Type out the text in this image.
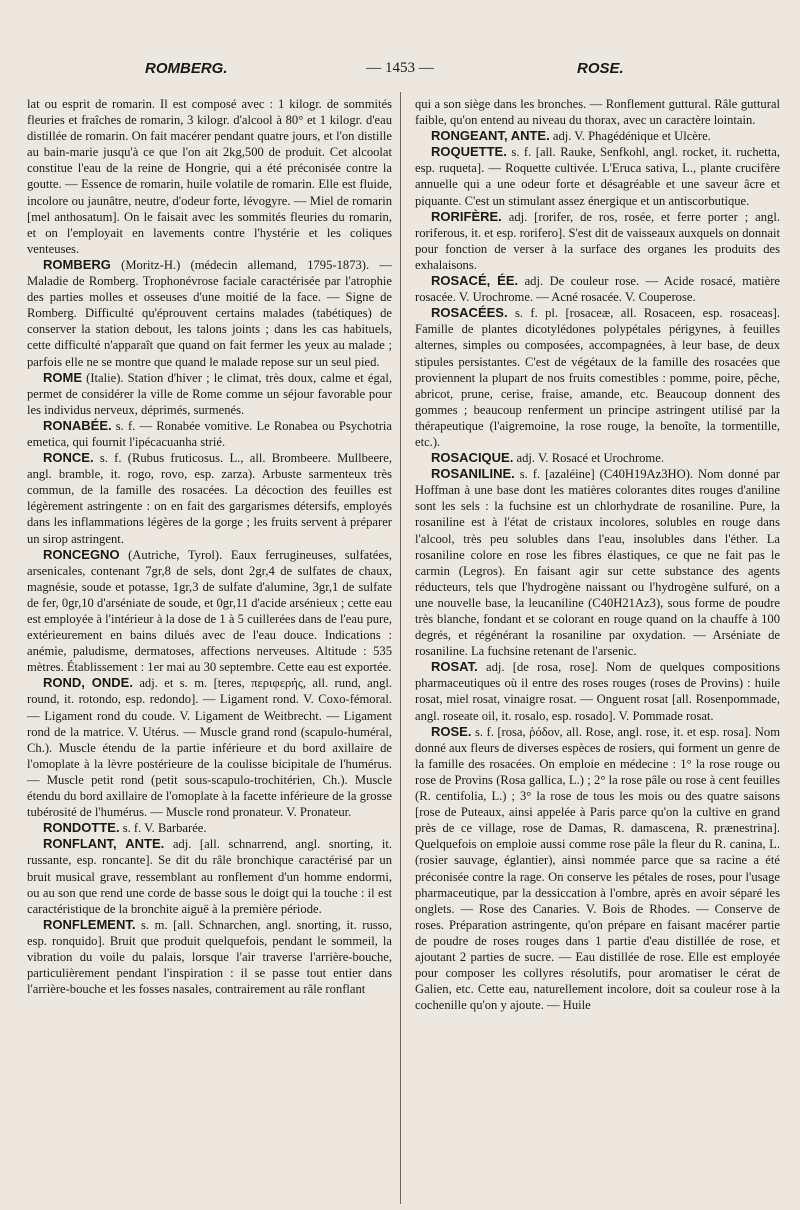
ROMBERG.	— 1453 —	ROSE.

lat ou esprit de romarin. Il est composé avec : 1 kilogr. de sommités fleuries et fraîches de romarin, 3 kilogr. d'alcool à 80° et 1 kilogr. d'eau distillée de romarin. On fait macérer pendant quatre jours, et l'on distille au bain-marie jusqu'à ce que l'on ait 2kg,500 de produit. Cet alcoolat constitue l'eau de la reine de Hongrie, qui a été préconisée contre la goutte. — Essence de romarin, huile volatile de romarin. Elle est fluide, incolore ou jaunâtre, neutre, d'odeur forte, lévogyre. — Miel de romarin [mel anthosatum]. On le faisait avec les sommités fleuries du romarin, et on l'employait en lavements contre l'hystérie et les coliques venteuses.

ROMBERG (Moritz-H.) (médecin allemand, 1795-1873). — Maladie de Romberg. Trophonévrose faciale caractérisée par l'atrophie des parties molles et osseuses d'une moitié de la face. — Signe de Romberg. Difficulté qu'éprouvent certains malades (tabétiques) de conserver la station debout, les talons joints ; dans les cas habituels, cette difficulté n'apparaît que quand on fait fermer les yeux au malade ; parfois elle ne se montre que quand le malade repose sur un seul pied.

ROME (Italie). Station d'hiver ; le climat, très doux, calme et égal, permet de considérer la ville de Rome comme un séjour favorable pour les individus nerveux, déprimés, surmenés.

RONABÉE. s. f. — Ronabée vomitive. Le Ronabea ou Psychotria emetica, qui fournit l'ipécacuanha strié.

RONCE. s. f. (Rubus fruticosus. L., all. Brombeere. Mullbeere, angl. bramble, it. rogo, rovo, esp. zarza). Arbuste sarmenteux très commun, de la famille des rosacées. La décoction des feuilles est légèrement astringente : on en fait des gargarismes détersifs, employés dans les inflammations légères de la gorge ; les fruits servent à préparer un sirop astringent.

RONCEGNO (Autriche, Tyrol). Eaux ferrugineuses, sulfatées, arsenicales, contenant 7gr,8 de sels, dont 2gr,4 de sulfates de chaux, magnésie, soude et potasse, 1gr,3 de sulfate d'alumine, 3gr,1 de sulfate de fer, 0gr,10 d'arséniate de soude, et 0gr,11 d'acide arsénieux ; cette eau est employée à l'intérieur à la dose de 1 à 5 cuillerées dans de l'eau pure, extérieurement en bains dilués avec de l'eau douce. Indications : anémie, paludisme, dermatoses, affections nerveuses. Altitude : 535 mètres. Établissement : 1er mai au 30 septembre. Cette eau est exportée.

ROND, ONDE. adj. et s. m. [teres, περιφερής, all. rund, angl. round, it. rotondo, esp. redondo]. — Ligament rond. V. Coxo-fémoral. — Ligament rond du coude. V. Ligament de Weitbrecht. — Ligament rond de la matrice. V. Utérus. — Muscle grand rond (scapulo-huméral, Ch.). Muscle étendu de la partie inférieure et du bord axillaire de l'omoplate à la lèvre postérieure de la coulisse bicipitale de l'humérus. — Muscle petit rond (petit sous-scapulo-trochitérien, Ch.). Muscle étendu du bord axillaire de l'omoplate à la facette inférieure de la grosse tubérosité de l'humérus. — Muscle rond pronateur. V. Pronateur.

RONDOTTE. s. f. V. Barbarée.

RONFLANT, ANTE. adj. [all. schnarrend, angl. snorting, it. russante, esp. roncante]. Se dit du râle bronchique caractérisé par un bruit musical grave, ressemblant au ronflement d'un homme endormi, ou au son que rend une corde de basse sous le doigt qui la touche : il est caractéristique de la bronchite aiguë à la première période.

RONFLEMENT. s. m. [all. Schnarchen, angl. snorting, it. russo, esp. ronquido]. Bruit que produit quelquefois, pendant le sommeil, la vibration du voile du palais, lorsque l'air traverse l'arrière-bouche, particulièrement pendant l'inspiration : il se passe tout entier dans l'arrière-bouche et les fosses nasales, contrairement au râle ronflant

qui a son siège dans les bronches. — Ronflement guttural. Râle guttural faible, qu'on entend au niveau du thorax, avec un caractère lointain.

RONGEANT, ANTE. adj. V. Phagédénique et Ulcère.

ROQUETTE. s. f. [all. Rauke, Senfkohl, angl. rocket, it. ruchetta, esp. ruqueta]. — Roquette cultivée. L'Eruca sativa, L., plante crucifère annuelle qui a une odeur forte et désagréable et une saveur âcre et piquante. C'est un stimulant assez énergique et un antiscorbutique.

RORIFÈRE. adj. [rorifer, de ros, rosée, et ferre porter ; angl. roriferous, it. et esp. rorifero]. S'est dit de vaisseaux auxquels on donnait pour fonction de verser à la surface des organes les produits des exhalaisons.

ROSACÉ, ÉE. adj. De couleur rose. — Acide rosacé, matière rosacée. V. Urochrome. — Acné rosacée. V. Couperose.

ROSACÉES. s. f. pl. [rosaceæ, all. Rosaceen, esp. rosaceas]. Famille de plantes dicotylédones polypétales périgynes, à feuilles alternes, simples ou composées, accompagnées, à leur base, de deux stipules persistantes. C'est de végétaux de la famille des rosacées que proviennent la plupart de nos fruits comestibles : pomme, poire, pêche, abricot, prune, cerise, fraise, amande, etc. Beaucoup donnent des gommes ; beaucoup renferment un principe astringent utilisé par la thérapeutique (l'aigremoine, la rose rouge, la benoîte, la tormentille, etc.).

ROSACIQUE. adj. V. Rosacé et Urochrome.

ROSANILINE. s. f. [azaléine] (C40H19Az3HO). Nom donné par Hoffman à une base dont les matières colorantes dites rouges d'aniline sont les sels : la fuchsine est un chlorhydrate de rosaniline. Pure, la rosaniline est à l'état de cristaux incolores, solubles en rouge dans l'alcool, très peu solubles dans l'eau, insolubles dans l'éther. La rosaniline colore en rose les fibres élastiques, ce que ne fait pas le carmin (Legros). En faisant agir sur cette substance des agents réducteurs, tels que l'hydrogène naissant ou l'hydrogène sulfuré, on a une nouvelle base, la leucaniline (C40H21Az3), sous forme de poudre très blanche, fondant et se colorant en rouge quand on la chauffe à 100 degrés, et régénérant la rosaniline par oxydation. — Arséniate de rosaniline. La fuchsine retenant de l'arsenic.

ROSAT. adj. [de rosa, rose]. Nom de quelques compositions pharmaceutiques où il entre des roses rouges (roses de Provins) : huile rosat, miel rosat, vinaigre rosat. — Onguent rosat [all. Rosenpommade, angl. roseate oil, it. rosalo, esp. rosado]. V. Pommade rosat.

ROSE. s. f. [rosa, ῥόδον, all. Rose, angl. rose, it. et esp. rosa]. Nom donné aux fleurs de diverses espèces de rosiers, qui forment un genre de la famille des rosacées. On emploie en médecine : 1° la rose rouge ou rose de Provins (Rosa gallica, L.) ; 2° la rose pâle ou rose à cent feuilles (R. centifolia, L.) ; 3° la rose de tous les mois ou des quatre saisons [rose de Puteaux, ainsi appelée à Paris parce qu'on la cultive en grand près de ce village, rose de Damas, R. damascena, R. prænestrina]. Quelquefois on emploie aussi comme rose pâle la fleur du R. canina, L. (rosier sauvage, églantier), ainsi nommée parce que sa racine a été préconisée contre la rage. On conserve les pétales de roses, pour l'usage pharmaceutique, par la dessiccation à l'ombre, après en avoir séparé les onglets. — Rose des Canaries. V. Bois de Rhodes. — Conserve de roses. Préparation astringente, qu'on prépare en faisant macérer partie de poudre de roses rouges dans 1 partie d'eau distillée de rose, et ajoutant 2 parties de sucre. — Eau distillée de rose. Elle est employée pour composer les collyres résolutifs, pour aromatiser le cérat de Galien, etc. Cette eau, naturellement incolore, doit sa couleur rose à la cochenille qu'on y ajoute. — Huile
